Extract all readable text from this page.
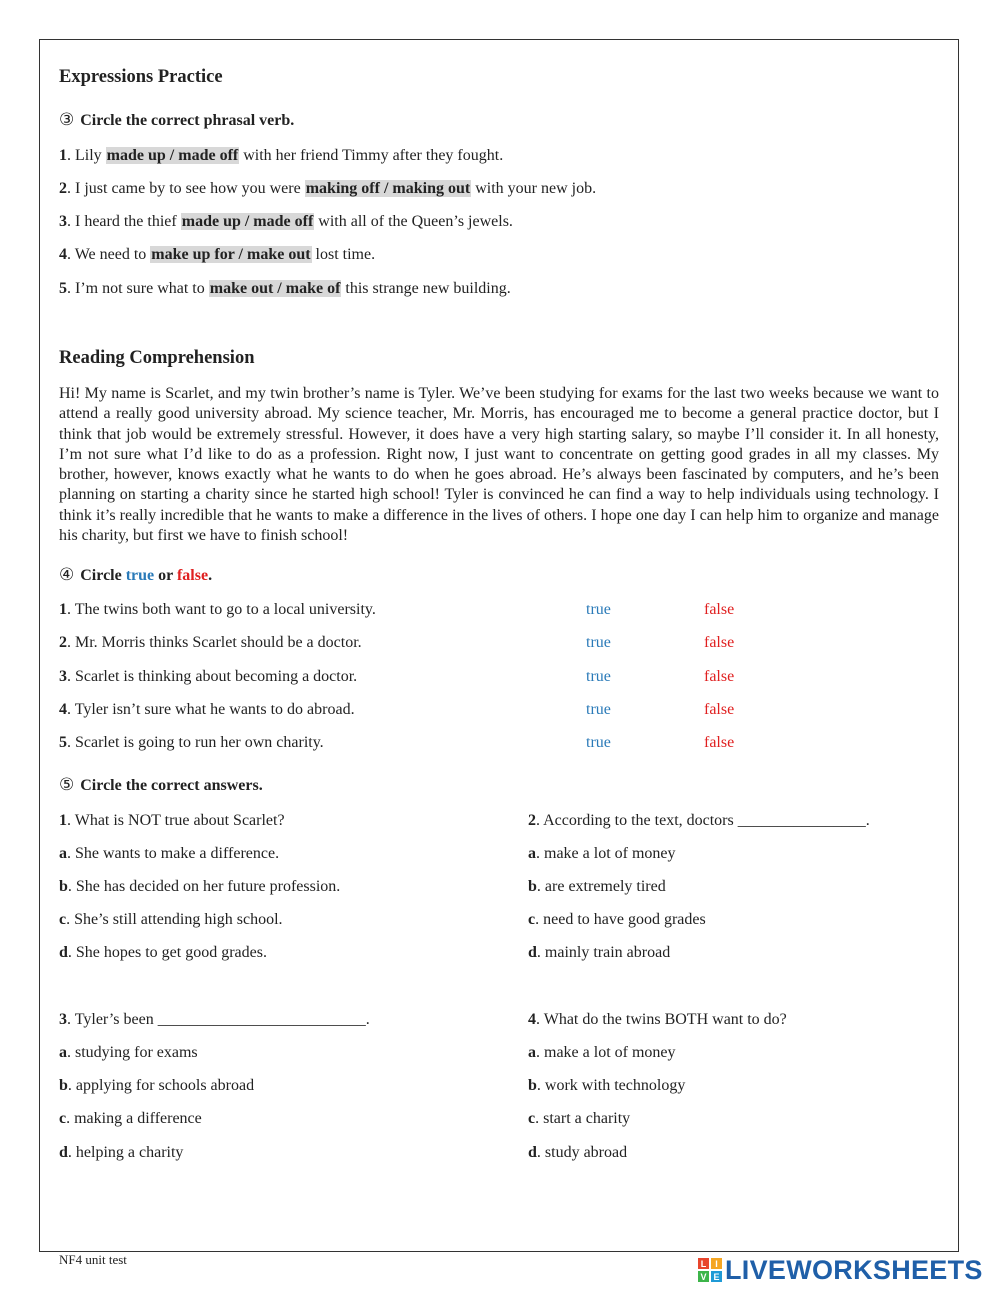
Expressions Practice
③ Circle the correct phrasal verb.
1. Lily made up / made off with her friend Timmy after they fought.
2. I just came by to see how you were making off / making out with your new job.
3. I heard the thief made up / made off with all of the Queen’s jewels.
4. We need to make up for / make out lost time.
5. I’m not sure what to make out / make of this strange new building.
Reading Comprehension

Hi! My name is Scarlet, and my twin brother’s name is Tyler. We’ve been studying for exams for the last two weeks because we want to attend a really good university abroad. My science teacher, Mr. Morris, has encouraged me to become a general practice doctor, but I think that job would be extremely stressful. However, it does have a very high starting salary, so maybe I’ll consider it. In all honesty, I’m not sure what I’d like to do as a profession. Right now, I just want to concentrate on getting good grades in all my classes. My brother, however, knows exactly what he wants to do when he goes abroad. He’s always been fascinated by computers, and he’s been planning on starting a charity since he started high school! Tyler is convinced he can find a way to help individuals using technology. I think it’s really incredible that he wants to make a difference in the lives of others. I hope one day I can help him to organize and manage his charity, but first we have to finish school!

④ Circle true or false.
1. The twins both want to go to a local university.	true	false
2. Mr. Morris thinks Scarlet should be a doctor.	true	false
3. Scarlet is thinking about becoming a doctor.	true	false
4. Tyler isn’t sure what he wants to do abroad.	true	false
5. Scarlet is going to run her own charity.	true	false
⑤ Circle the correct answers.
1. What is NOT true about Scarlet?
a. She wants to make a difference.
b. She has decided on her future profession.
c. She’s still attending high school.
d. She hopes to get good grades.
2. According to the text, doctors ________________.
a. make a lot of money
b. are extremely tired
c. need to have good grades
d. mainly train abroad
3. Tyler’s been __________________________.
a. studying for exams
b. applying for schools abroad
c. making a difference
d. helping a charity
4. What do the twins BOTH want to do?
a. make a lot of money
b. work with technology
c. start a charity
d. study abroad
NF4 unit test	L I
V E LIVEWORKSHEETS
